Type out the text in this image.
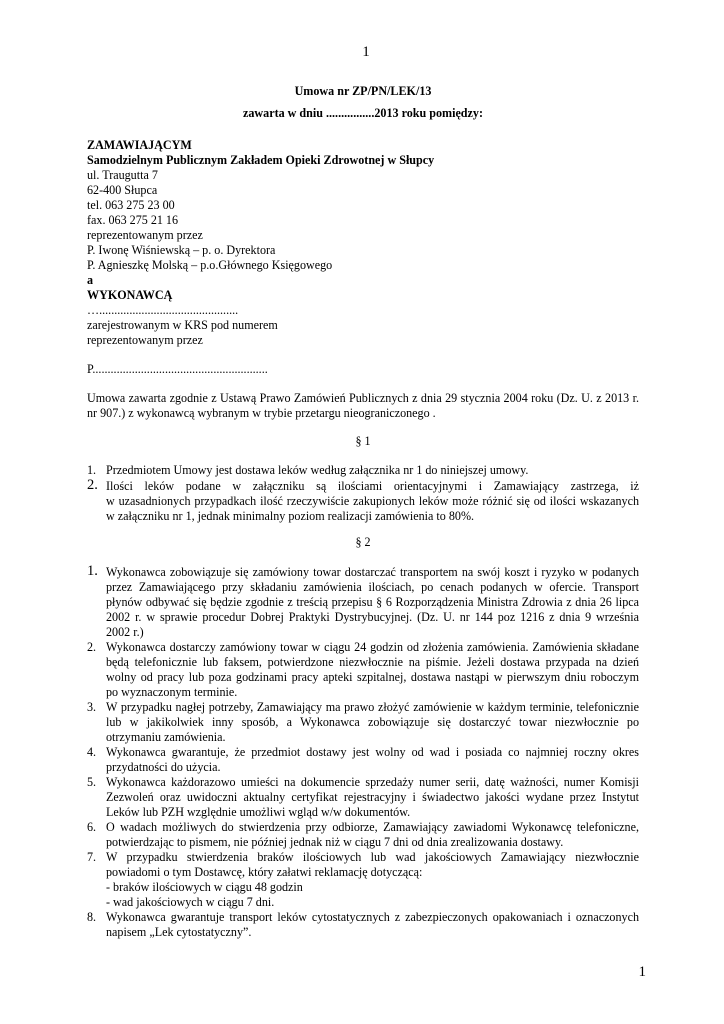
1
Umowa nr ZP/PN/LEK/13
zawarta w dniu ................2013 roku pomiędzy:
ZAMAWIAJĄCYM
Samodzielnym Publicznym Zakładem Opieki Zdrowotnej w Słupcy
ul. Traugutta 7
62-400 Słupca
tel. 063 275 23 00
fax. 063 275 21 16
reprezentowanym przez
P. Iwonę Wiśniewską – p. o. Dyrektora
P. Agnieszkę Molską – p.o.Głównego Księgowego
a
WYKONAWCĄ
…..............................................
zarejestrowanym w KRS pod numerem
reprezentowanym przez
P..........................................................
Umowa zawarta zgodnie z Ustawą Prawo Zamówień Publicznych z dnia 29 stycznia 2004 roku (Dz. U. z 2013 r.
nr 907.) z wykonawcą wybranym w trybie przetargu nieograniczonego .
§ 1
1. Przedmiotem Umowy jest dostawa leków według załącznika nr 1 do niniejszej umowy.
2. Ilości leków podane w załączniku są ilościami orientacyjnymi i Zamawiający zastrzega, iż
w uzasadnionych przypadkach ilość rzeczywiście zakupionych leków może różnić się od ilości wskazanych
w załączniku nr 1, jednak minimalny poziom realizacji zamówienia to 80%.
§ 2
1. Wykonawca zobowiązuje się zamówiony towar dostarczać transportem na swój koszt i ryzyko w podanych
przez Zamawiającego przy składaniu zamówienia ilościach, po cenach podanych w ofercie. Transport
płynów odbywać się będzie zgodnie z treścią przepisu § 6 Rozporządzenia Ministra Zdrowia z dnia 26 lipca
2002 r. w sprawie procedur Dobrej Praktyki Dystrybucyjnej. (Dz. U. nr 144 poz 1216 z dnia 9 września
2002 r.)
2. Wykonawca dostarczy zamówiony towar w ciągu 24 godzin od złożenia zamówienia. Zamówienia składane
będą telefonicznie lub faksem, potwierdzone niezwłocznie na piśmie. Jeżeli dostawa przypada na dzień
wolny od pracy lub poza godzinami pracy apteki szpitalnej, dostawa nastąpi w pierwszym dniu roboczym
po wyznaczonym terminie.
3. W przypadku nagłej potrzeby, Zamawiający ma prawo złożyć zamówienie w każdym terminie, telefonicznie
lub w jakikolwiek inny sposób, a Wykonawca zobowiązuje się dostarczyć towar niezwłocznie po
otrzymaniu zamówienia.
4. Wykonawca gwarantuje, że przedmiot dostawy jest wolny od wad i posiada co najmniej roczny okres
przydatności do użycia.
5. Wykonawca każdorazowo umieści na dokumencie sprzedaży numer serii, datę ważności, numer Komisji
Zezwoleń oraz uwidoczni aktualny certyfikat rejestracyjny i świadectwo jakości wydane przez Instytut
Leków lub PZH względnie umożliwi wgląd w/w dokumentów.
6. O wadach możliwych do stwierdzenia przy odbiorze, Zamawiający zawiadomi Wykonawcę telefoniczne,
potwierdzając to pismem, nie później jednak niż w ciągu 7 dni od dnia zrealizowania dostawy.
7. W przypadku stwierdzenia braków ilościowych lub wad jakościowych Zamawiający niezwłocznie
powiadomi o tym Dostawcę, który załatwi reklamację dotyczącą:
- braków ilościowych w ciągu 48 godzin
- wad jakościowych w ciągu 7 dni.
8. Wykonawca gwarantuje transport leków cytostatycznych z zabezpieczonych opakowaniach i oznaczonych
napisem „Lek cytostatyczny”.
1
